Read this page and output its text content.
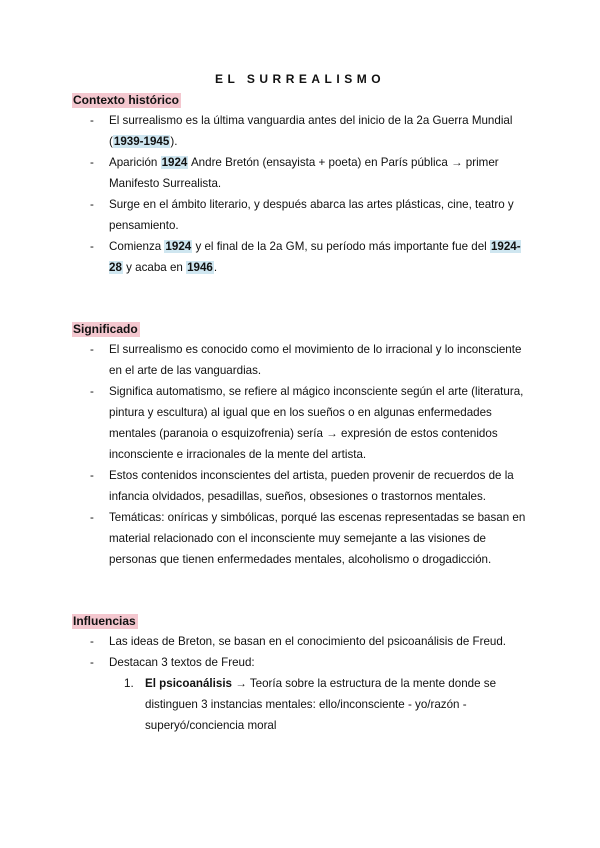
EL SURREALISMO
Contexto histórico
- El surrealismo es la última vanguardia antes del inicio de la 2a Guerra Mundial (1939-1945).
- Aparición 1924 Andre Bretón (ensayista + poeta) en París pública → primer Manifesto Surrealista.
- Surge en el ámbito literario, y después abarca las artes plásticas, cine, teatro y pensamiento.
- Comienza 1924 y el final de la 2a GM, su período más importante fue del 1924-28 y acaba en 1946.
Significado
- El surrealismo es conocido como el movimiento de lo irracional y lo inconsciente en el arte de las vanguardias.
- Significa automatismo, se refiere al mágico inconsciente según el arte (literatura, pintura y escultura) al igual que en los sueños o en algunas enfermedades mentales (paranoia o esquizofrenia) sería → expresión de estos contenidos inconsciente e irracionales de la mente del artista.
- Estos contenidos inconscientes del artista, pueden provenir de recuerdos de la infancia olvidados, pesadillas, sueños, obsesiones o trastornos mentales.
- Temáticas: oníricas y simbólicas, porqué las escenas representadas se basan en material relacionado con el inconsciente muy semejante a las visiones de personas que tienen enfermedades mentales, alcoholismo o drogadicción.
Influencias
- Las ideas de Breton, se basan en el conocimiento del psicoanálisis de Freud.
- Destacan 3 textos de Freud:
1. El psicoanálisis → Teoría sobre la estructura de la mente donde se distinguen 3 instancias mentales: ello/inconsciente - yo/razón - superyó/conciencia moral
